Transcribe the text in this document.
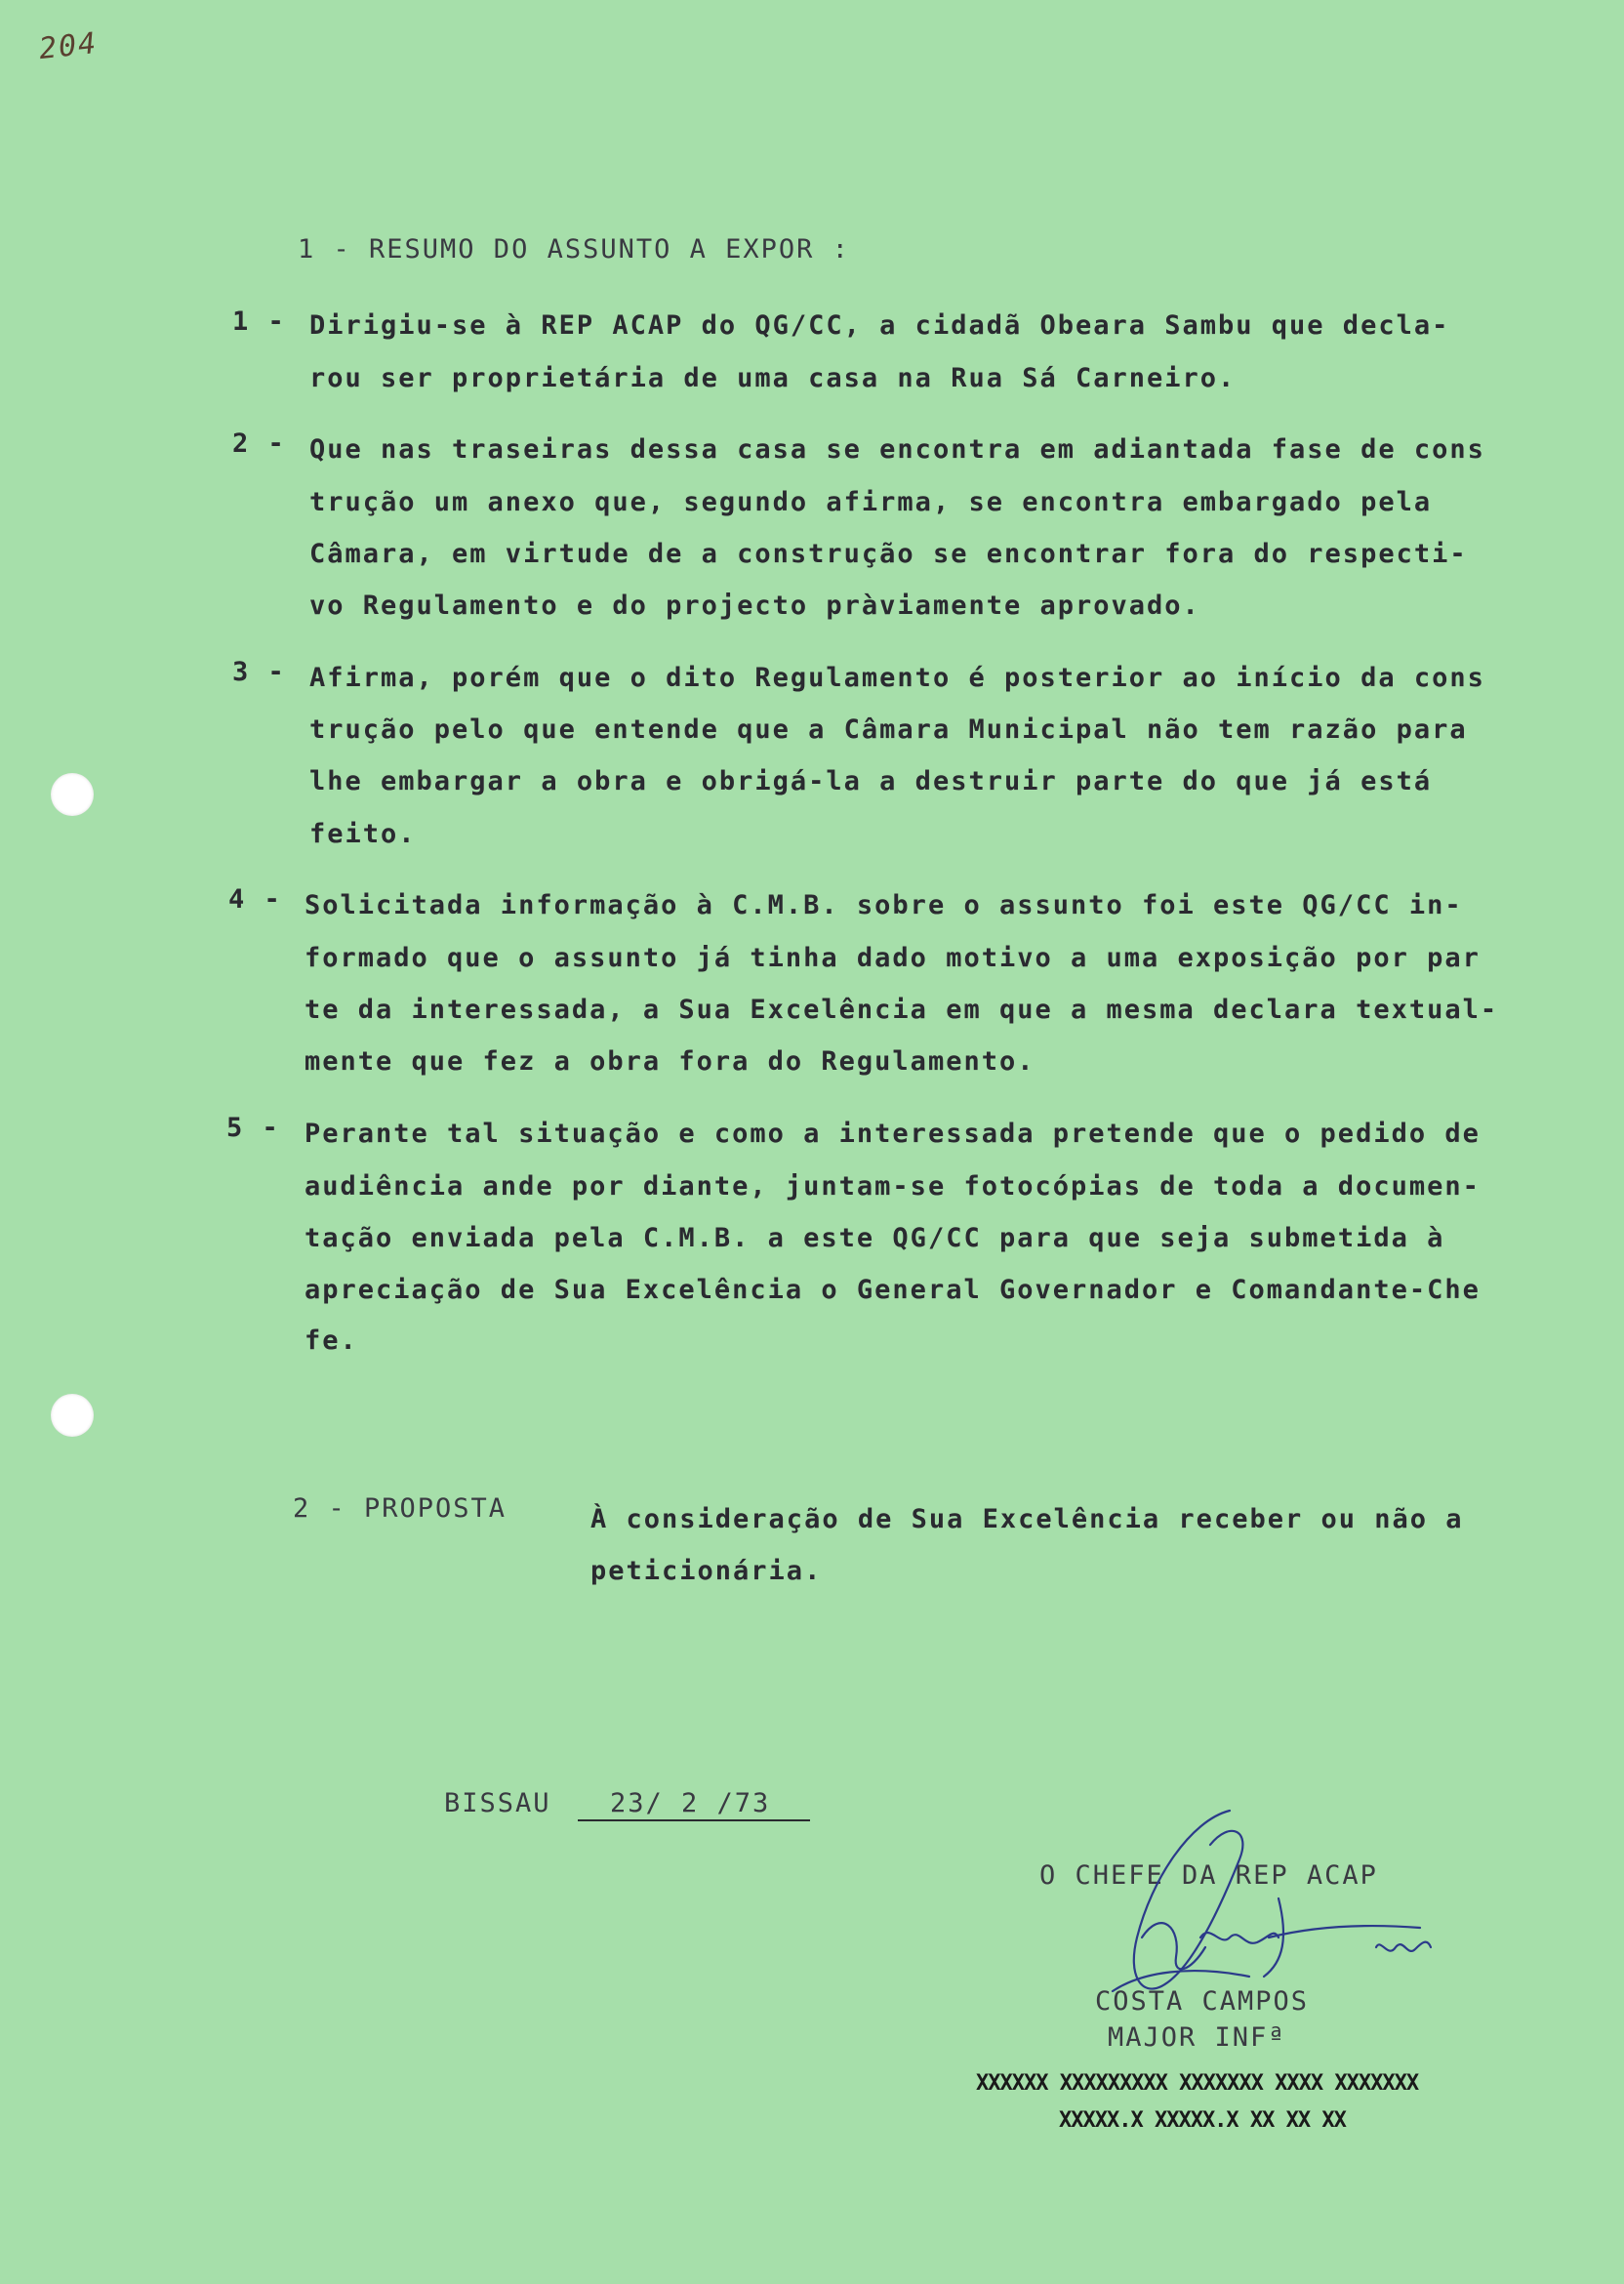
204
1 - RESUMO DO ASSUNTO A EXPOR :
1 - Dirigiu-se à REP ACAP do QG/CC, a cidadã Obeara Sambu que decla-
rou ser proprietária de uma casa na Rua Sá Carneiro.
2 - Que nas traseiras dessa casa se encontra em adiantada fase de cons
trução um anexo que, segundo afirma, se encontra embargado pela
Câmara, em virtude de a construção se encontrar fora do respecti-
vo Regulamento e do projecto pràviamente aprovado.
3 - Afirma, porém que o dito Regulamento é posterior ao início da cons
trução pelo que entende que a Câmara Municipal não tem razão para
lhe embargar a obra e obrigá-la a destruir parte do que já está
feito.
4 - Solicitada informação à C.M.B. sobre o assunto foi este QG/CC in-
formado que o assunto já tinha dado motivo a uma exposição por par
te da interessada, a Sua Excelência em que a mesma declara textual-
mente que fez a obra fora do Regulamento.
5 - Perante tal situação e como a interessada pretende que o pedido de
audiência ande por diante, juntam-se fotocópias de toda a documen-
tação enviada pela C.M.B. a este QG/CC para que seja submetida à
apreciação de Sua Excelência o General Governador e Comandante-Che
fe.
2 - PROPOSTA	À consideração de Sua Excelência receber ou não a
peticionária.
BISSAU 23/ 2 /73
O CHEFE DA REP ACAP
COSTA CAMPOS
MAJOR INFª
XXXXXX XXXXXXXXX XXXXXXX XXXX XXXXXXX
XXXXX.X XXXXX.X XX XX XX
